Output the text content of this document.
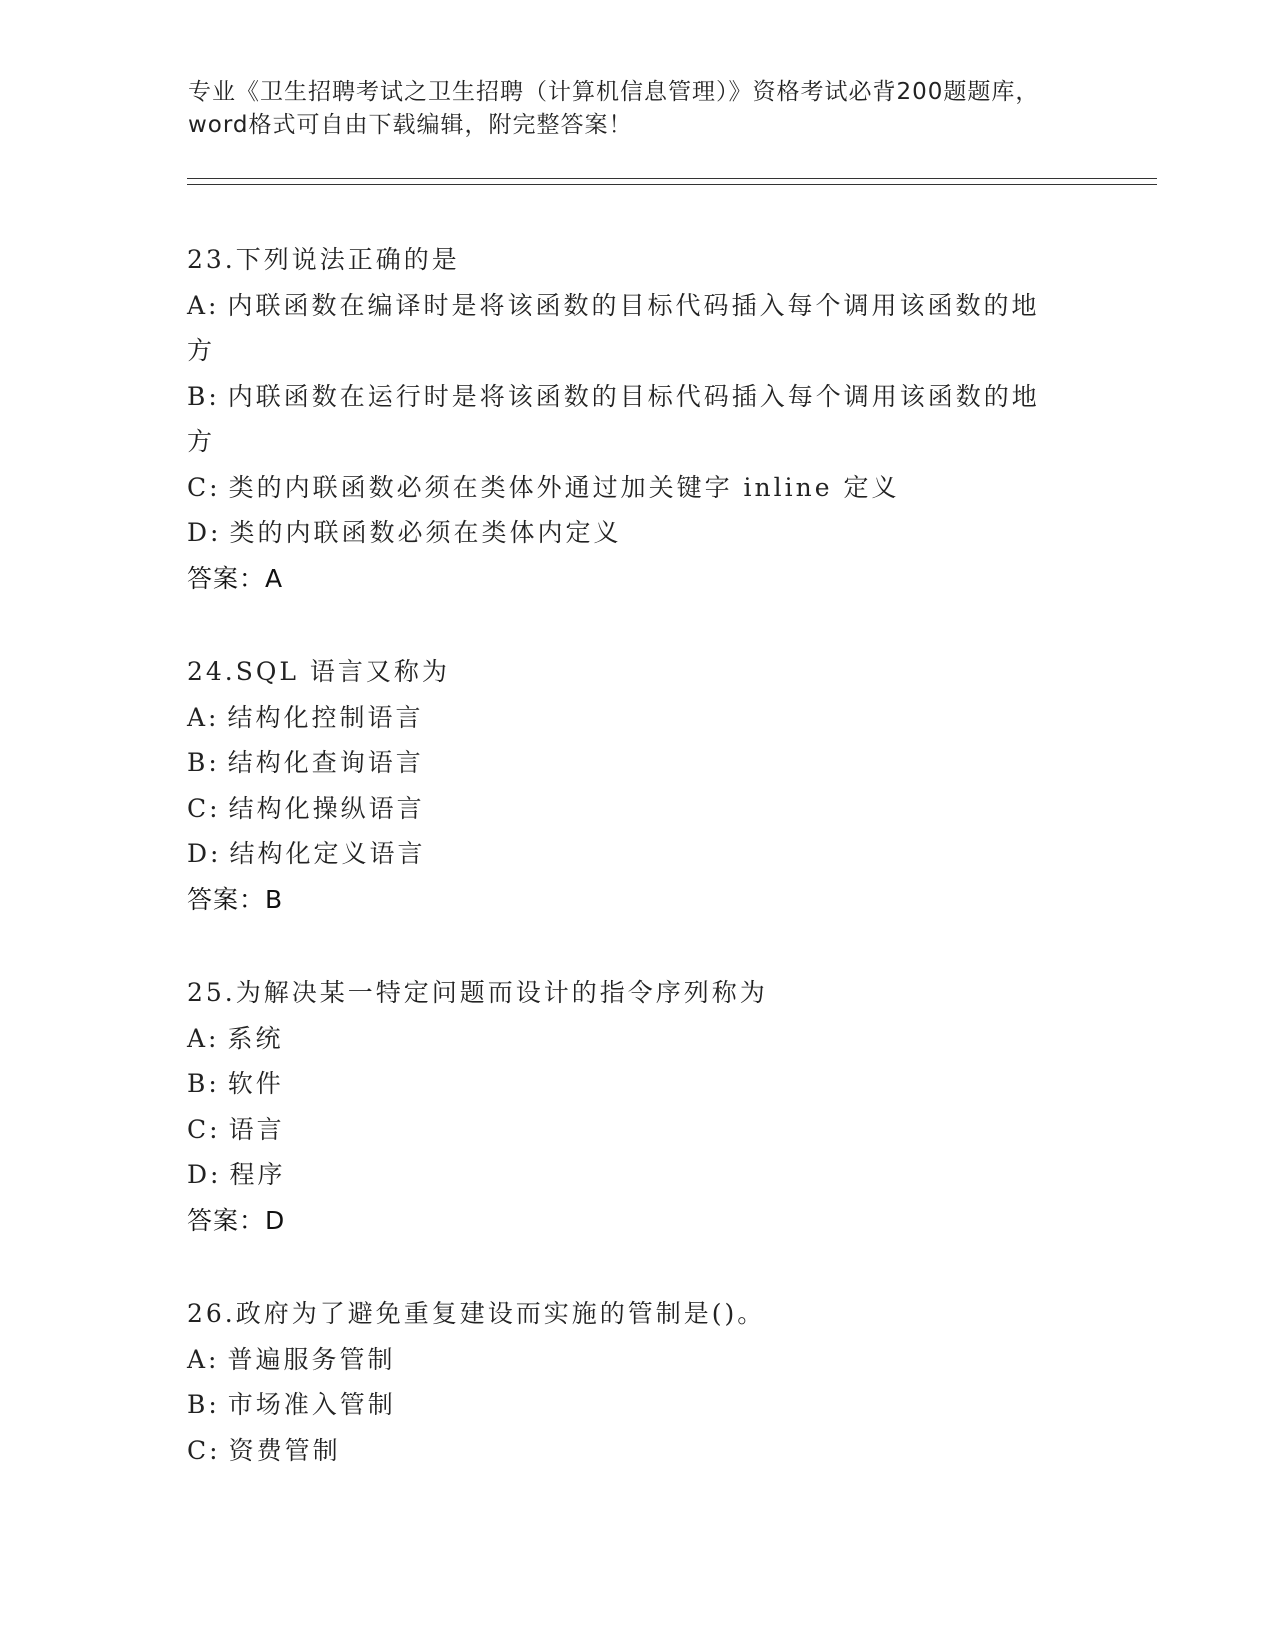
专业《卫生招聘考试之卫生招聘（计算机信息管理）》资格考试必背200题题库，
word格式可自由下载编辑，附完整答案！
23.下列说法正确的是
A: 内联函数在编译时是将该函数的目标代码插入每个调用该函数的地
方
B: 内联函数在运行时是将该函数的目标代码插入每个调用该函数的地
方
C: 类的内联函数必须在类体外通过加关键字 inline 定义
D: 类的内联函数必须在类体内定义
答案：A
24.SQL 语言又称为
A: 结构化控制语言
B: 结构化查询语言
C: 结构化操纵语言
D: 结构化定义语言
答案：B
25.为解决某一特定问题而设计的指令序列称为
A: 系统
B: 软件
C: 语言
D: 程序
答案：D
26.政府为了避免重复建设而实施的管制是()。
A: 普遍服务管制
B: 市场准入管制
C: 资费管制
